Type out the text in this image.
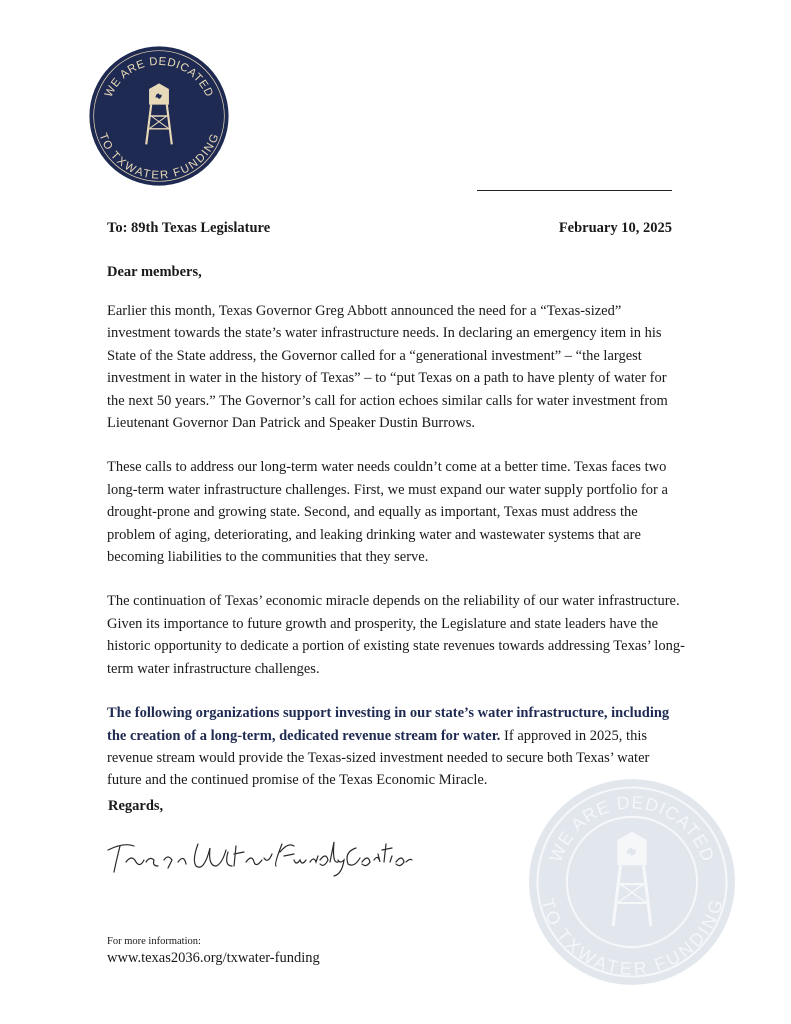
WE ARE DEDICATED
TO TXWATER FUNDING
To: 89th Texas Legislature	February 10, 2025
Dear members,

Earlier this month, Texas Governor Greg Abbott announced the need for a “Texas-sized” investment towards the state’s water infrastructure needs. In declaring an emergency item in his State of the State address, the Governor called for a “generational investment” – “the largest investment in water in the history of Texas” – to “put Texas on a path to have plenty of water for the next 50 years.” The Governor’s call for action echoes similar calls for water investment from Lieutenant Governor Dan Patrick and Speaker Dustin Burrows.

These calls to address our long-term water needs couldn’t come at a better time. Texas faces two long-term water infrastructure challenges. First, we must expand our water supply portfolio for a drought-prone and growing state. Second, and equally as important, Texas must address the problem of aging, deteriorating, and leaking drinking water and wastewater systems that are becoming liabilities to the communities that they serve.

The continuation of Texas’ economic miracle depends on the reliability of our water infrastructure. Given its importance to future growth and prosperity, the Legislature and state leaders have the historic opportunity to dedicate a portion of existing state revenues towards addressing Texas’ long-term water infrastructure challenges.

The following organizations support investing in our state’s water infrastructure, including the creation of a long-term, dedicated revenue stream for water. If approved in 2025, this revenue stream would provide the Texas-sized investment needed to secure both Texas’ water future and the continued promise of the Texas Economic Miracle.

Regards,
For more information:
www.texas2036.org/txwater-funding
WE ARE DEDICATED
TO TXWATER FUNDING
